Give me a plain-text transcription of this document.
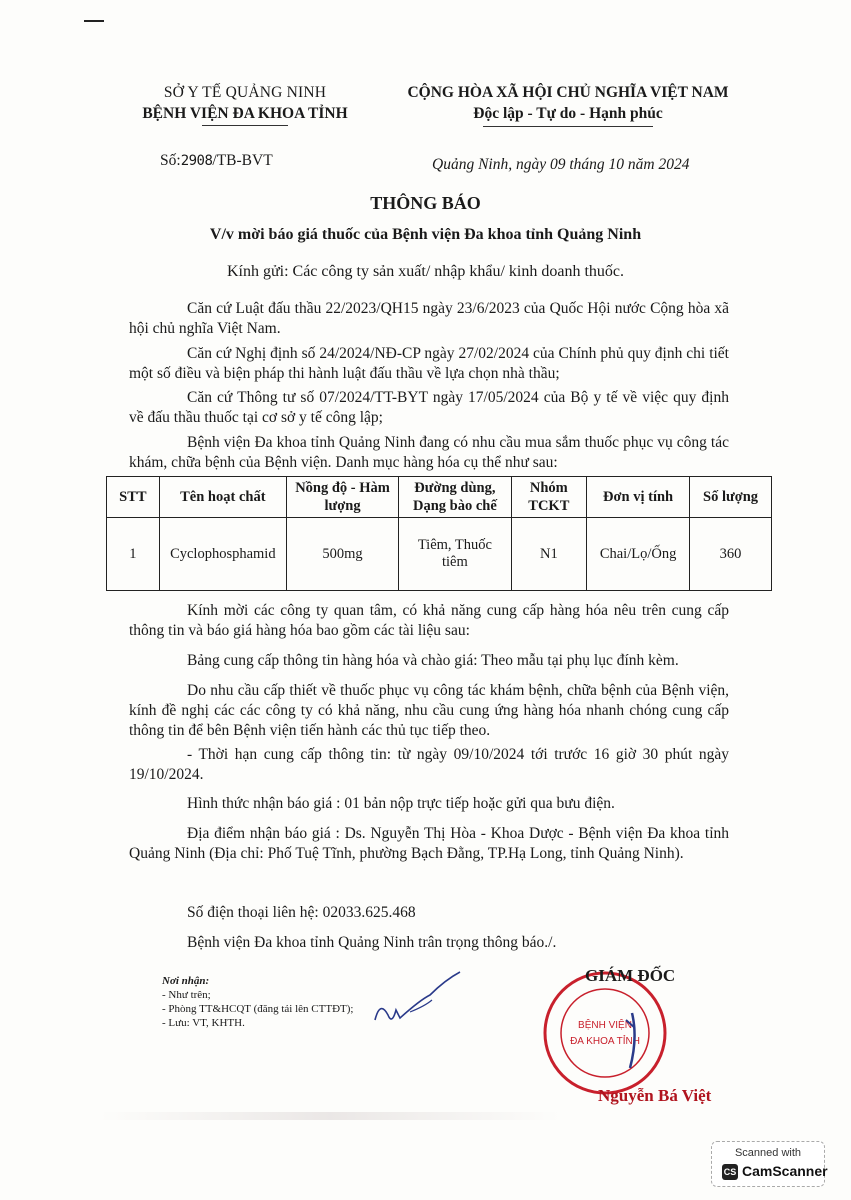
SỞ Y TẾ QUẢNG NINH
BỆNH VIỆN ĐA KHOA TỈNH
CỘNG HÒA XÃ HỘI CHỦ NGHĨA VIỆT NAM
Độc lập - Tự do - Hạnh phúc
Số:2908/TB-BVT	Quảng Ninh, ngày 09 tháng 10 năm 2024
THÔNG BÁO
V/v mời báo giá thuốc của Bệnh viện Đa khoa tỉnh Quảng Ninh
Kính gửi: Các công ty sản xuất/ nhập khẩu/ kinh doanh thuốc.
Căn cứ Luật đấu thầu 22/2023/QH15 ngày 23/6/2023 của Quốc Hội nước Cộng hòa xã hội chủ nghĩa Việt Nam.
Căn cứ Nghị định số 24/2024/NĐ-CP ngày 27/02/2024 của Chính phủ quy định chi tiết một số điều và biện pháp thi hành luật đấu thầu về lựa chọn nhà thầu;
Căn cứ Thông tư số 07/2024/TT-BYT ngày 17/05/2024 của Bộ y tế về việc quy định về đấu thầu thuốc tại cơ sở y tế công lập;
Bệnh viện Đa khoa tỉnh Quảng Ninh đang có nhu cầu mua sắm thuốc phục vụ công tác khám, chữa bệnh của Bệnh viện. Danh mục hàng hóa cụ thể như sau:
STT	Tên hoạt chất	Nồng độ - Hàm lượng	Đường dùng, Dạng bào chế	Nhóm TCKT	Đơn vị tính	Số lượng
1	Cyclophosphamid	500mg	Tiêm, Thuốc tiêm	N1	Chai/Lọ/Ống	360
Kính mời các công ty quan tâm, có khả năng cung cấp hàng hóa nêu trên cung cấp thông tin và báo giá hàng hóa bao gồm các tài liệu sau:
Bảng cung cấp thông tin hàng hóa và chào giá: Theo mẫu tại phụ lục đính kèm.
Do nhu cầu cấp thiết về thuốc phục vụ công tác khám bệnh, chữa bệnh của Bệnh viện, kính đề nghị các các công ty có khả năng, nhu cầu cung ứng hàng hóa nhanh chóng cung cấp thông tin để bên Bệnh viện tiến hành các thủ tục tiếp theo.
- Thời hạn cung cấp thông tin: từ ngày 09/10/2024 tới trước 16 giờ 30 phút ngày 19/10/2024.
Hình thức nhận báo giá : 01 bản nộp trực tiếp hoặc gửi qua bưu điện.
Địa điểm nhận báo giá : Ds. Nguyễn Thị Hòa - Khoa Dược - Bệnh viện Đa khoa tỉnh Quảng Ninh (Địa chỉ: Phố Tuệ Tĩnh, phường Bạch Đằng, TP.Hạ Long, tỉnh Quảng Ninh).
Số điện thoại liên hệ: 02033.625.468
Bệnh viện Đa khoa tỉnh Quảng Ninh trân trọng thông báo./.
Nơi nhận:
- Như trên;
- Phòng TT&HCQT (đăng tải lên CTTĐT);
- Lưu: VT, KHTH.	BỆNH VIỆN
ĐA KHOA TỈNH
GIÁM ĐỐC
Nguyễn Bá Việt
Scanned with
CS CamScanner
